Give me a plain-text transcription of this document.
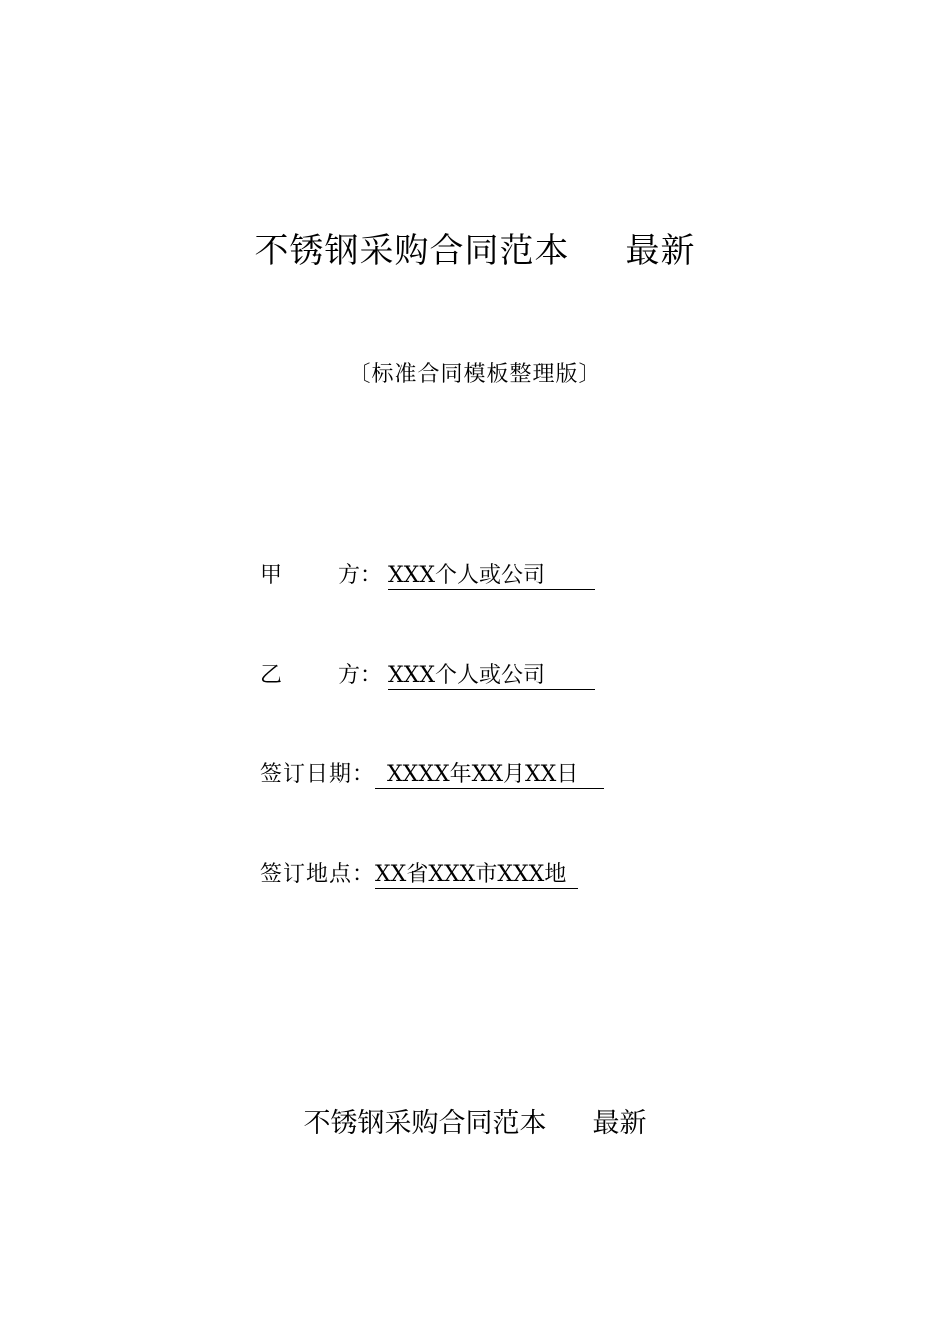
不锈钢采购合同范本 最新
〔标准合同模板整理版〕
甲	方： XXX个人或公司
乙	方： XXX个人或公司
签订日期： XXXX年XX月XX日
签订地点：XX省XXX市XXX地
不锈钢采购合同范本 最新
